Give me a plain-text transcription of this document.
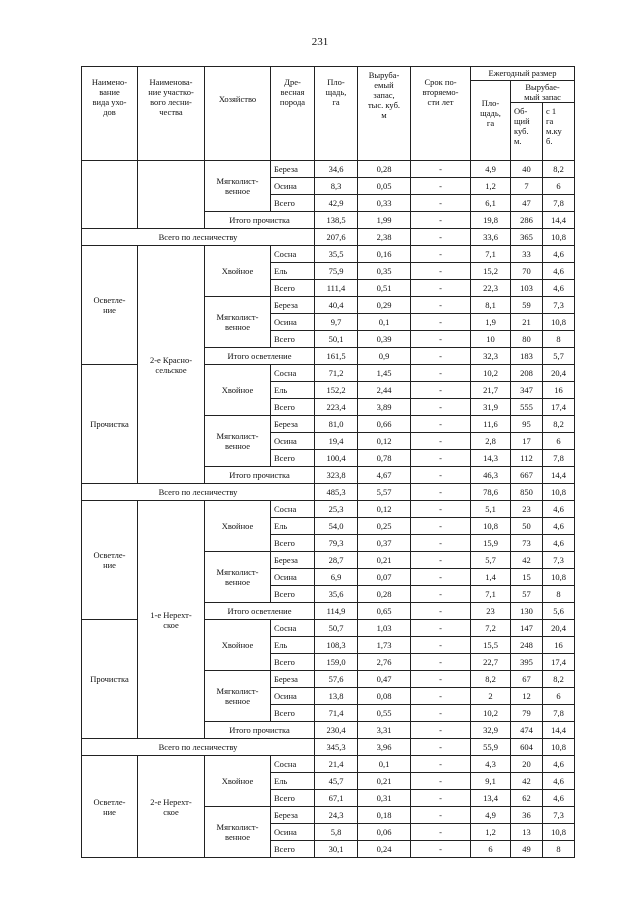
231
Наимено-
вание
вида ухо-
дов	Наименова-
ние участко-
вого лесни-
чества	Хозяйство	Дре-
весная
порода	Пло-
щадь,
га	Выруба-
емый
запас,
тыс. куб.
м	Срок по-
вторяемо-
сти лет	Ежегодный размер		

Пло-
щадь,
га	Вырубае-
мый запас	
								Об-
щий
куб.
м.	с 1
га
м.ку
б.
		Мягколист-
венное	Береза	34,6	0,28	-	4,9	40	8,2
			Осина	8,3	0,05	-	1,2	7	6
			Всего	42,9	0,33	-	6,1	47	7,8
		Итого прочистка		138,5	1,99	-	19,8	286	14,4
Всего по лесничеству				207,6	2,38	-	33,6	365	10,8
Осветле-
ние	2-е Красно-
сельское	Хвойное	Сосна	35,5	0,16	-	7,1	33	4,6
			Ель	75,9	0,35	-	15,2	70	4,6
			Всего	111,4	0,51	-	22,3	103	4,6
		Мягколист-
венное	Береза	40,4	0,29	-	8,1	59	7,3
			Осина	9,7	0,1	-	1,9	21	10,8
			Всего	50,1	0,39	-	10	80	8
		Итого осветление		161,5	0,9	-	32,3	183	5,7
Прочистка		Хвойное	Сосна	71,2	1,45	-	10,2	208	20,4
			Ель	152,2	2,44	-	21,7	347	16
			Всего	223,4	3,89	-	31,9	555	17,4
		Мягколист-
венное	Береза	81,0	0,66	-	11,6	95	8,2
			Осина	19,4	0,12	-	2,8	17	6
			Всего	100,4	0,78	-	14,3	112	7,8
		Итого прочистка		323,8	4,67	-	46,3	667	14,4
Всего по лесничеству				485,3	5,57	-	78,6	850	10,8
Осветле-
ние	1-е Нерехт-
ское	Хвойное	Сосна	25,3	0,12	-	5,1	23	4,6
			Ель	54,0	0,25	-	10,8	50	4,6
			Всего	79,3	0,37	-	15,9	73	4,6
		Мягколист-
венное	Береза	28,7	0,21	-	5,7	42	7,3
			Осина	6,9	0,07	-	1,4	15	10,8
			Всего	35,6	0,28	-	7,1	57	8
		Итого осветление		114,9	0,65	-	23	130	5,6
Прочистка		Хвойное	Сосна	50,7	1,03	-	7,2	147	20,4
			Ель	108,3	1,73	-	15,5	248	16
			Всего	159,0	2,76	-	22,7	395	17,4
		Мягколист-
венное	Береза	57,6	0,47	-	8,2	67	8,2
			Осина	13,8	0,08	-	2	12	6
			Всего	71,4	0,55	-	10,2	79	7,8
		Итого прочистка		230,4	3,31	-	32,9	474	14,4
Всего по лесничеству				345,3	3,96	-	55,9	604	10,8
Осветле-
ние	2-е Нерехт-
ское	Хвойное	Сосна	21,4	0,1	-	4,3	20	4,6
			Ель	45,7	0,21	-	9,1	42	4,6
			Всего	67,1	0,31	-	13,4	62	4,6
		Мягколист-
венное	Береза	24,3	0,18	-	4,9	36	7,3
			Осина	5,8	0,06	-	1,2	13	10,8
			Всего	30,1	0,24	-	6	49	8
